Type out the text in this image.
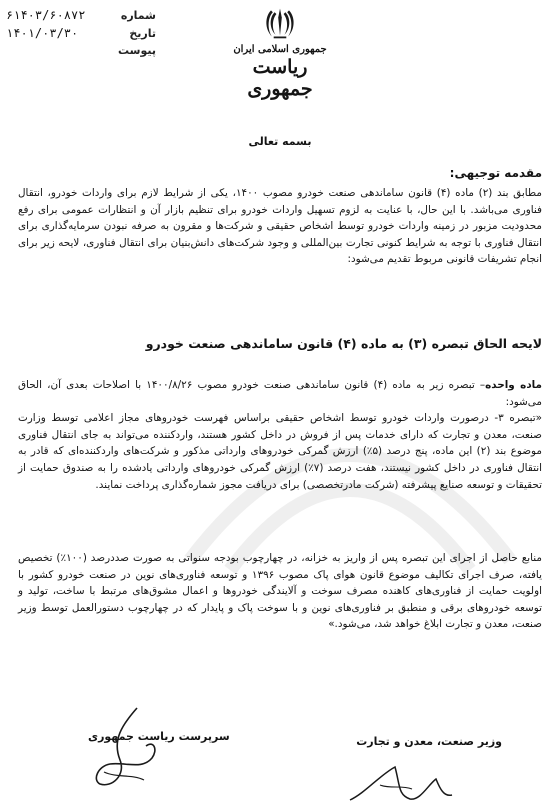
شماره
۶۱۴۰۳/۶۰۸۷۲
تاریخ
۱۴۰۱/۰۳/۳۰
پیوست	جمهوری اسلامی ایران
ریاست جمهوری
بسمه تعالی
مقدمه توجیهی:
مطابق بند (۲) ماده (۴) قانون ساماندهی صنعت خودرو مصوب ۱۴۰۰، یکی از شرایط لازم برای واردات خودرو، انتقال فناوری می‌باشد. با این حال، با عنایت به لزوم تسهیل واردات خودرو برای تنظیم بازار آن و انتظارات عمومی برای رفع محدودیت مزبور در زمینه واردات خودرو توسط اشخاص حقیقی و شرکت‌ها و مقرون به صرفه نبودن سرمایه‌گذاری برای انتقال فناوری با توجه به شرایط کنونی تجارت بین‌المللی و وجود شرکت‌های دانش‌بنیان برای انتقال فناوری، لایحه زیر برای انجام تشریفات قانونی مربوط تقدیم می‌شود:
لایحه الحاق تبصره (۳) به ماده (۴) قانون ساماندهی صنعت خودرو
ماده واحده– تبصره زیر به ماده (۴) قانون ساماندهی صنعت خودرو مصوب ۱۴۰۰/۸/۲۶ با اصلاحات بعدی آن، الحاق می‌شود:
«تبصره ۳- درصورت واردات خودرو توسط اشخاص حقیقی براساس فهرست خودروهای مجاز اعلامی توسط وزارت صنعت، معدن و تجارت که دارای خدمات پس از فروش در داخل کشور هستند، واردکننده می‌تواند به جای انتقال فناوری موضوع بند (۲) این ماده، پنج درصد (۵٪) ارزش گمرکی خودروهای وارداتی مذکور و شرکت‌های واردکننده‌ای که قادر به انتقال فناوری در داخل کشور نیستند، هفت درصد (۷٪) ارزش گمرکی خودروهای وارداتی یادشده را به صندوق حمایت از تحقیقات و توسعه صنایع پیشرفته (شرکت مادرتخصصی) برای دریافت مجوز شماره‌گذاری پرداخت نمایند.
منابع حاصل از اجرای این تبصره پس از واریز به خزانه، در چهارچوب بودجه سنواتی به صورت صددرصد (۱۰۰٪) تخصیص یافته، صرف اجرای تکالیف موضوع قانون هوای پاک مصوب ۱۳۹۶ و توسعه فناوری‌های نوین در صنعت خودرو کشور با اولویت حمایت از فناوری‌های کاهنده مصرف سوخت و آلایندگی خودروها و اعمال مشوق‌های مرتبط با ساخت، تولید و توسعه خودروهای برقی و منطبق بر فناوری‌های نوین و با سوخت پاک و پایدار که در چهارچوب دستورالعمل توسط وزیر صنعت، معدن و تجارت ابلاغ خواهد شد، می‌شود.»
سرپرست ریاست جمهوری	وزیر صنعت، معدن و تجارت
